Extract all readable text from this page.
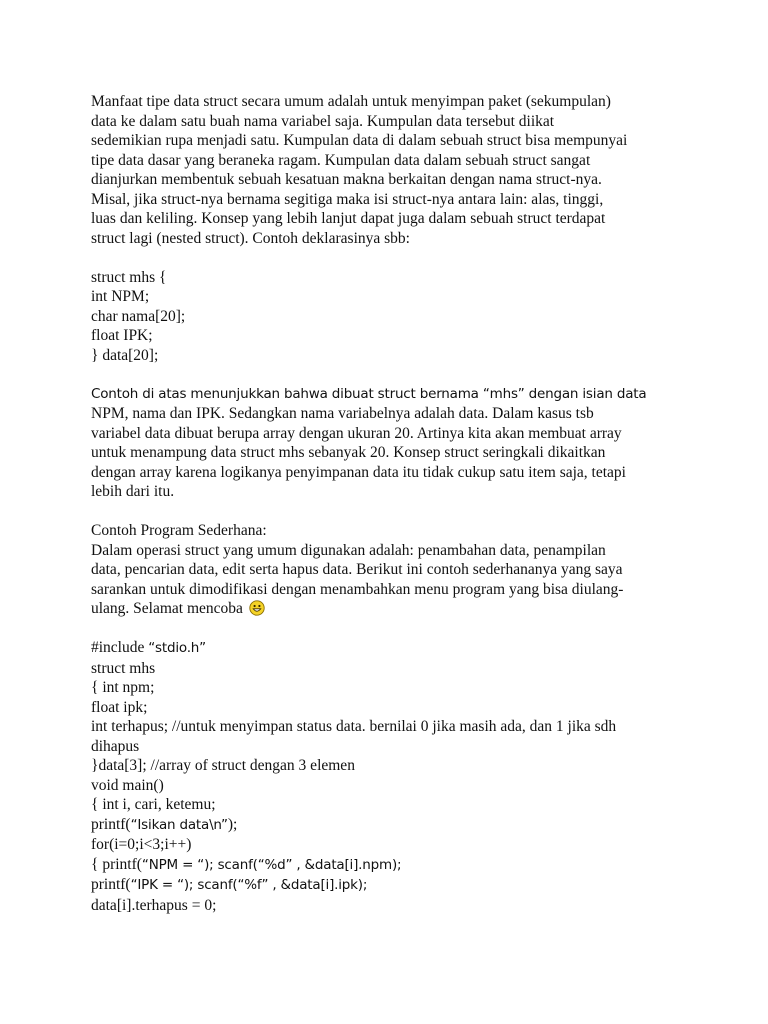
Manfaat tipe data struct secara umum adalah untuk menyimpan paket (sekumpulan)
data ke dalam satu buah nama variabel saja. Kumpulan data tersebut diikat
sedemikian rupa menjadi satu. Kumpulan data di dalam sebuah struct bisa mempunyai
tipe data dasar yang beraneka ragam. Kumpulan data dalam sebuah struct sangat
dianjurkan membentuk sebuah kesatuan makna berkaitan dengan nama struct-nya.
Misal, jika struct-nya bernama segitiga maka isi struct-nya antara lain: alas, tinggi,
luas dan keliling. Konsep yang lebih lanjut dapat juga dalam sebuah struct terdapat
struct lagi (nested struct). Contoh deklarasinya sbb:
struct mhs {
int NPM;
char nama[20];
float IPK;
} data[20];
Contoh di atas menunjukkan bahwa dibuat struct bernama “mhs” dengan isian data
NPM, nama dan IPK. Sedangkan nama variabelnya adalah data. Dalam kasus tsb
variabel data dibuat berupa array dengan ukuran 20. Artinya kita akan membuat array
untuk menampung data struct mhs sebanyak 20. Konsep struct seringkali dikaitkan
dengan array karena logikanya penyimpanan data itu tidak cukup satu item saja, tetapi
lebih dari itu.
Contoh Program Sederhana:
Dalam operasi struct yang umum digunakan adalah: penambahan data, penampilan
data, pencarian data, edit serta hapus data. Berikut ini contoh sederhananya yang saya
sarankan untuk dimodifikasi dengan menambahkan menu program yang bisa diulang-
ulang. Selamat mencoba
#include “stdio.h”
struct mhs
{ int npm;
float ipk;
int terhapus; //untuk menyimpan status data. bernilai 0 jika masih ada, dan 1 jika sdh
dihapus
}data[3]; //array of struct dengan 3 elemen
void main()
{ int i, cari, ketemu;
printf(“Isikan data\n”);
for(i=0;i<3;i++)
{ printf(“NPM = “); scanf(“%d” , &data[i].npm);
printf(“IPK = “); scanf(“%f” , &data[i].ipk);
data[i].terhapus = 0;
